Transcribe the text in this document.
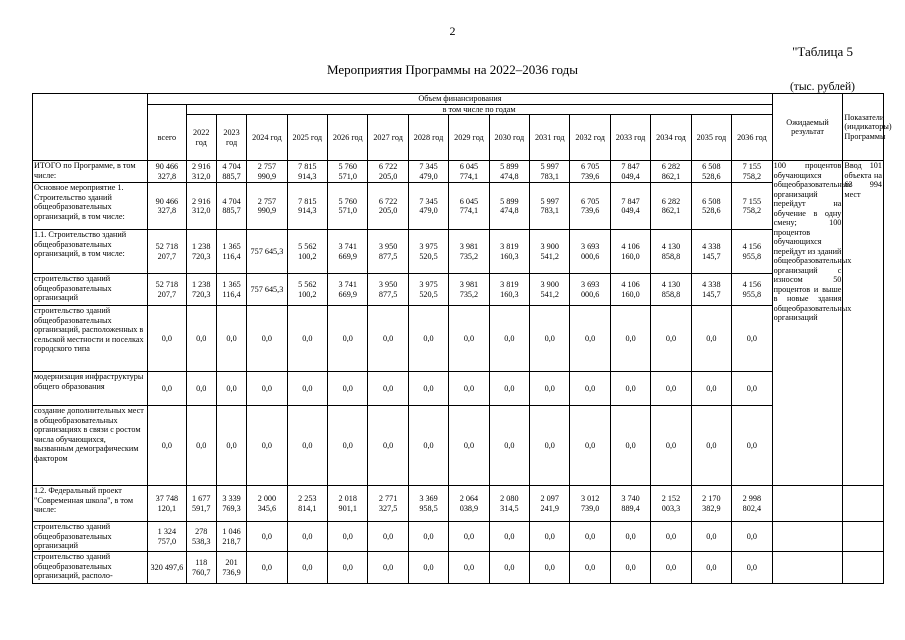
2
"Таблица 5
Мероприятия Программы на 2022–2036 годы
(тыс. рублей)
	Объем финансирования																Ожидаемый результат	Показатели (индикаторы) Программы
		в том числе по годам																
	всего	2022 год	2023 год	2024 год	2025 год	2026 год	2027 год	2028 год	2029 год	2030 год	2031 год	2032 год	2033 год	2034 год	2035 год	2036 год		
ИТОГО по Программе, в том числе:	90 466 327,8	2 916 312,0	4 704 885,7	2 757 990,9	7 815 914,3	5 760 571,0	6 722 205,0	7 345 479,0	6 045 774,1	5 899 474,8	5 997 783,1	6 705 739,6	7 847 049,4	6 282 862,1	6 508 528,6	7 155 758,2	100 процентов обучающихся общеобразовательных организаций перейдут на обучение в одну смену; 100 процентов обучающихся перейдут из зданий общеобразовательных организаций с износом 50 процентов и выше в новые здания общеобразовательных организаций	Ввод 101 объекта на 63 994 мест
Основное мероприятие 1. Строительство зданий общеобразовательных организаций, в том числе:	90 466 327,8	2 916 312,0	4 704 885,7	2 757 990,9	7 815 914,3	5 760 571,0	6 722 205,0	7 345 479,0	6 045 774,1	5 899 474,8	5 997 783,1	6 705 739,6	7 847 049,4	6 282 862,1	6 508 528,6	7 155 758,2		
1.1. Строительство зданий общеобразовательных организаций, в том числе:	52 718 207,7	1 238 720,3	1 365 116,4	757 645,3	5 562 100,2	3 741 669,9	3 950 877,5	3 975 520,5	3 981 735,2	3 819 160,3	3 900 541,2	3 693 000,6	4 106 160,0	4 130 858,8	4 338 145,7	4 156 955,8		
строительство зданий общеобразовательных организаций	52 718 207,7	1 238 720,3	1 365 116,4	757 645,3	5 562 100,2	3 741 669,9	3 950 877,5	3 975 520,5	3 981 735,2	3 819 160,3	3 900 541,2	3 693 000,6	4 106 160,0	4 130 858,8	4 338 145,7	4 156 955,8		
строительство зданий общеобразовательных организаций, расположенных в сельской местности и поселках городского типа	0,0	0,0	0,0	0,0	0,0	0,0	0,0	0,0	0,0	0,0	0,0	0,0	0,0	0,0	0,0	0,0		
модернизация инфраструктуры общего образования	0,0	0,0	0,0	0,0	0,0	0,0	0,0	0,0	0,0	0,0	0,0	0,0	0,0	0,0	0,0	0,0		
создание дополнительных мест в общеобразовательных организациях в связи с ростом числа обучающихся, вызванным демографическим фактором	0,0	0,0	0,0	0,0	0,0	0,0	0,0	0,0	0,0	0,0	0,0	0,0	0,0	0,0	0,0	0,0		
1.2. Федеральный проект "Современная школа", в том числе:	37 748 120,1	1 677 591,7	3 339 769,3	2 000 345,6	2 253 814,1	2 018 901,1	2 771 327,5	3 369 958,5	2 064 038,9	2 080 314,5	2 097 241,9	3 012 739,0	3 740 889,4	2 152 003,3	2 170 382,9	2 998 802,4		
строительство зданий общеобразовательных организаций	1 324 757,0	278 538,3	1 046 218,7	0,0	0,0	0,0	0,0	0,0	0,0	0,0	0,0	0,0	0,0	0,0	0,0	0,0		
строительство зданий общеобразовательных организаций, располо-	320 497,6	118 760,7	201 736,9	0,0	0,0	0,0	0,0	0,0	0,0	0,0	0,0	0,0	0,0	0,0	0,0	0,0		
